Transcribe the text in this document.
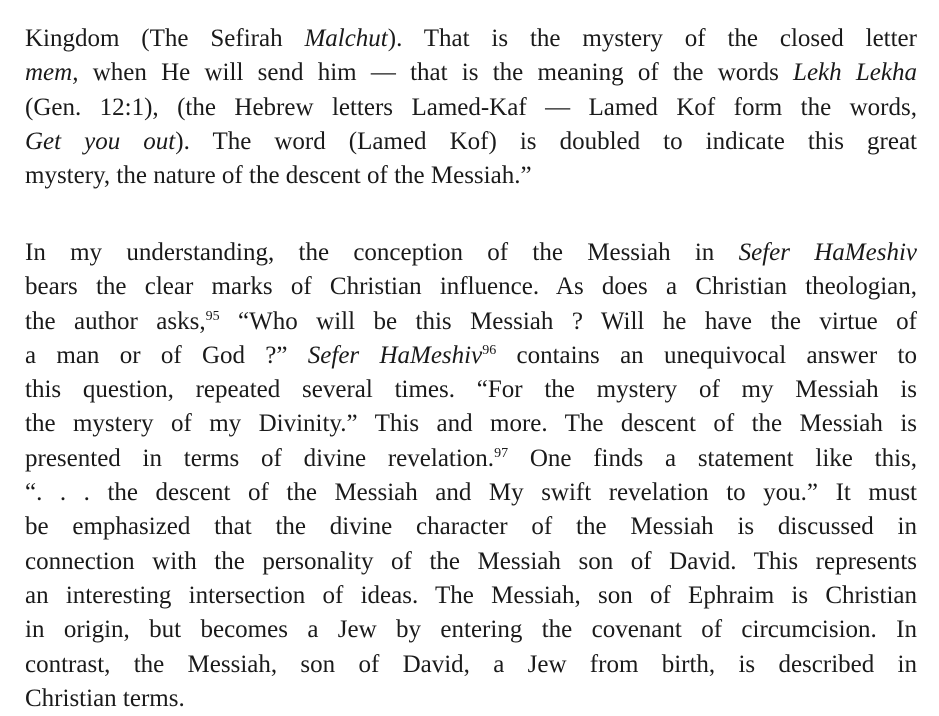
Kingdom (The Sefirah Malchut). That is the mystery of the closed letter
mem, when He will send him — that is the meaning of the words Lekh Lekha
(Gen. 12:1), (the Hebrew letters Lamed-Kaf — Lamed Kof form the words,
Get you out). The word (Lamed Kof) is doubled to indicate this great
mystery, the nature of the descent of the Messiah.”
In my understanding, the conception of the Messiah in Sefer HaMeshiv
bears the clear marks of Christian influence. As does a Christian theologian,
the author asks,$^{95}$ “Who will be this Messiah ? Will he have the virtue of
a man or of God ?” Sefer HaMeshiv$^{96}$ contains an unequivocal answer to
this question, repeated several times. “For the mystery of my Messiah is
the mystery of my Divinity.” This and more. The descent of the Messiah is
presented in terms of divine revelation.$^{97}$ One finds a statement like this,
“. . . the descent of the Messiah and My swift revelation to you.” It must
be emphasized that the divine character of the Messiah is discussed in
connection with the personality of the Messiah son of David. This represents
an interesting intersection of ideas. The Messiah, son of Ephraim is Christian
in origin, but becomes a Jew by entering the covenant of circumcision. In
contrast, the Messiah, son of David, a Jew from birth, is described in
Christian terms.
